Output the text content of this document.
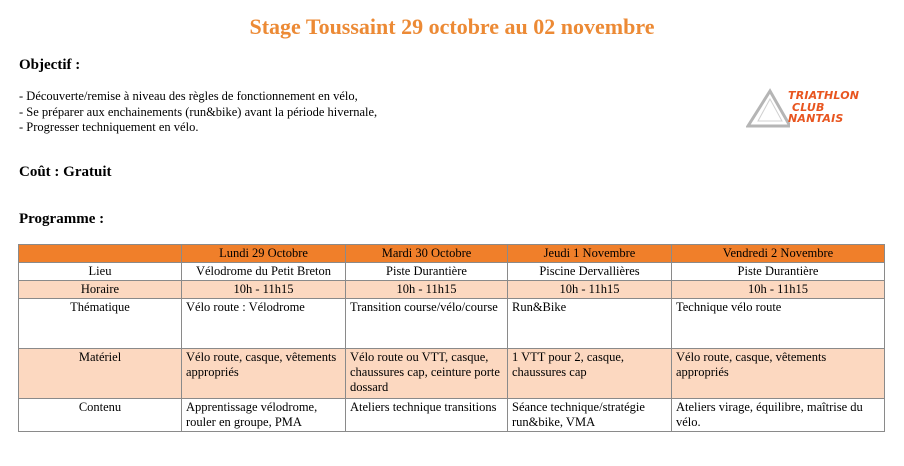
Stage Toussaint 29 octobre au 02 novembre
Objectif :
- Découverte/remise à niveau des règles de fonctionnement en vélo,
- Se préparer aux enchainements (run&bike) avant la période hivernale,
- Progresser techniquement en vélo.
TRIATHLON
CLUB
NANTAIS
Coût : Gratuit
Programme :
	Lundi 29 Octobre	Mardi 30 Octobre	Jeudi 1 Novembre	Vendredi 2 Novembre
Lieu	Vélodrome du Petit Breton	Piste Durantière	Piscine Dervallières	Piste Durantière
Horaire	10h - 11h15	10h - 11h15	10h - 11h15	10h - 11h15
Thématique	Vélo route : Vélodrome	Transition course/vélo/course	Run&Bike	Technique vélo route
Matériel	Vélo route, casque, vêtements appropriés	Vélo route ou VTT, casque, chaussures cap, ceinture porte dossard	1 VTT pour 2, casque, chaussures cap	Vélo route, casque, vêtements appropriés
Contenu	Apprentissage vélodrome, rouler en groupe, PMA	Ateliers technique transitions	Séance technique/stratégie run&bike, VMA	Ateliers virage, équilibre, maîtrise du vélo.
